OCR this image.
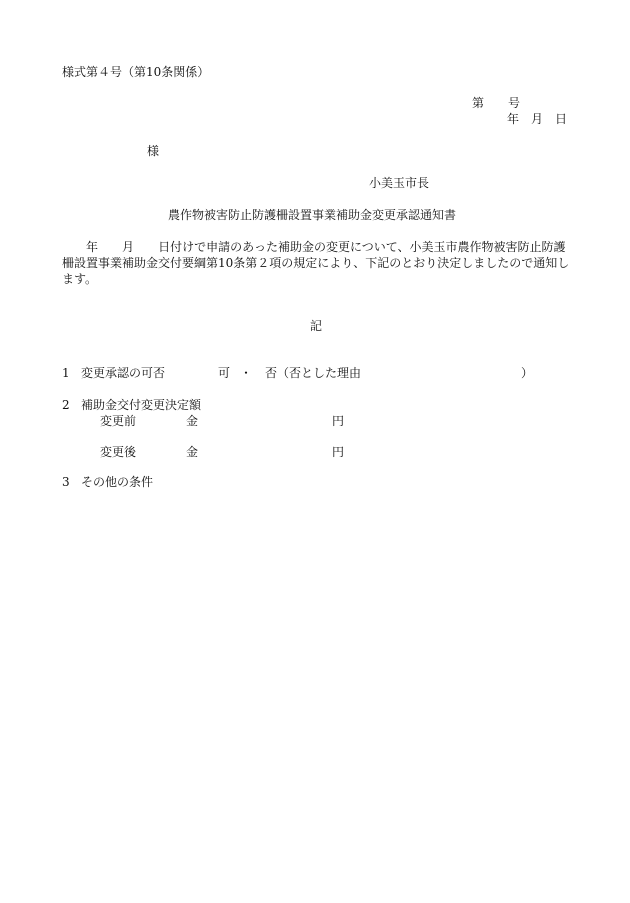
様式第４号（第10条関係）

第　　号

年　月　日

様

小美玉市長

農作物被害防止防護柵設置事業補助金変更承認通知書

　　年　　 月　　 日付けで申請のあった補助金の変更について、小美玉市農作物被害防止防護柵設置事業補助金交付要綱第10条第２項の規定により、下記のとおり決定しましたので通知します。

記

1 変更承認の可否	可 ・ 否（否とした理由	）

2 補助金交付変更決定額

変更前	金	円

変更後	金	円

3 その他の条件
